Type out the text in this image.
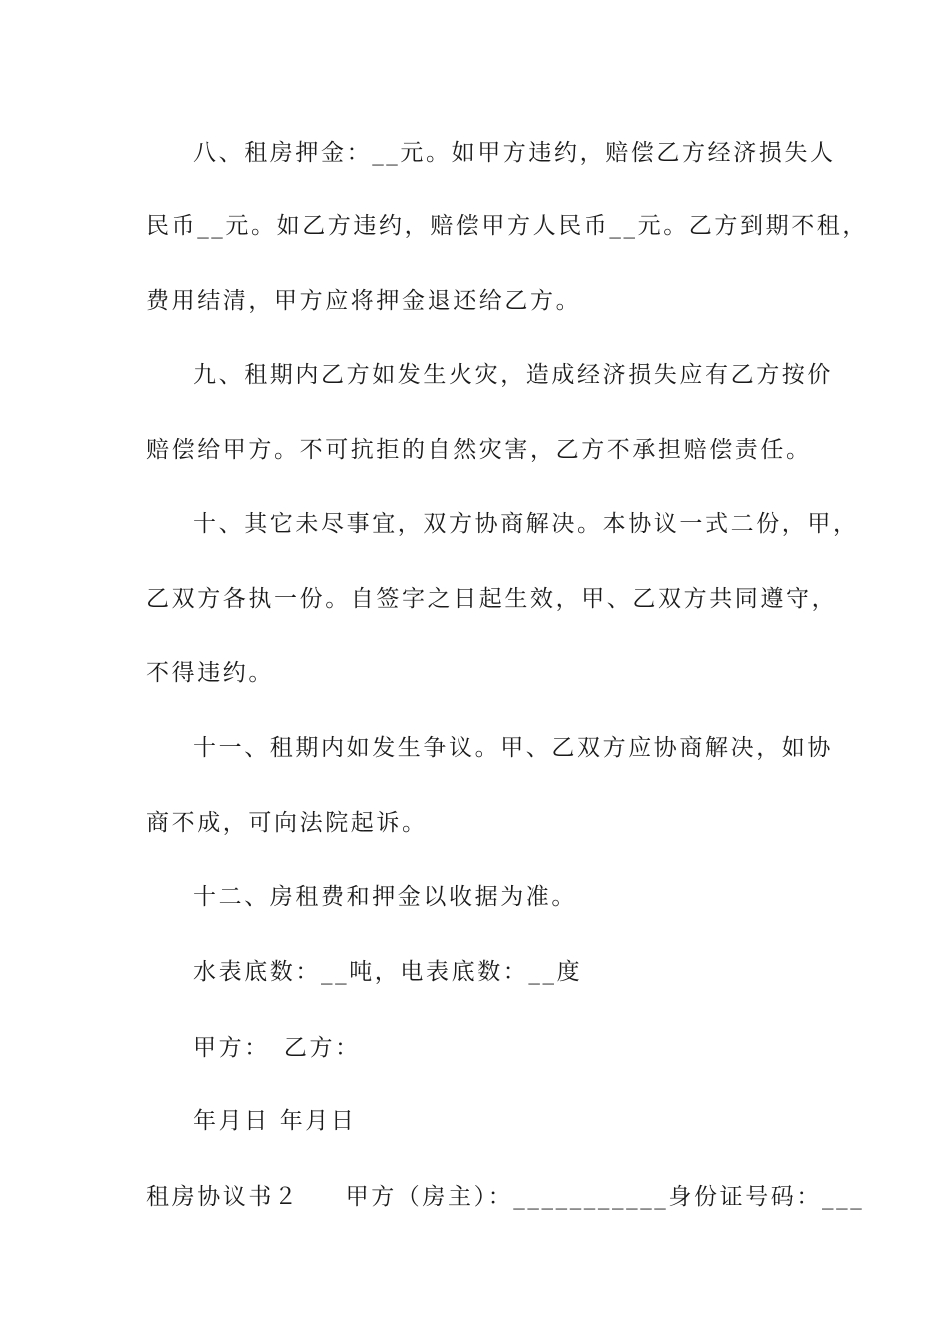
八、租房押金：__元。如甲方违约，赔偿乙方经济损失人
民币__元。如乙方违约，赔偿甲方人民币__元。乙方到期不租，
费用结清，甲方应将押金退还给乙方。
九、租期内乙方如发生火灾，造成经济损失应有乙方按价
赔偿给甲方。不可抗拒的自然灾害，乙方不承担赔偿责任。
十、其它未尽事宜，双方协商解决。本协议一式二份，甲，
乙双方各执一份。自签字之日起生效，甲、乙双方共同遵守，
不得违约。
十一、租期内如发生争议。甲、乙双方应协商解决，如协
商不成，可向法院起诉。
十二、房租费和押金以收据为准。
水表底数：__吨，电表底数：__度
甲方：　乙方：
年月日 年月日
租房协议书２ 甲方（房主）：___________身份证号码：___
